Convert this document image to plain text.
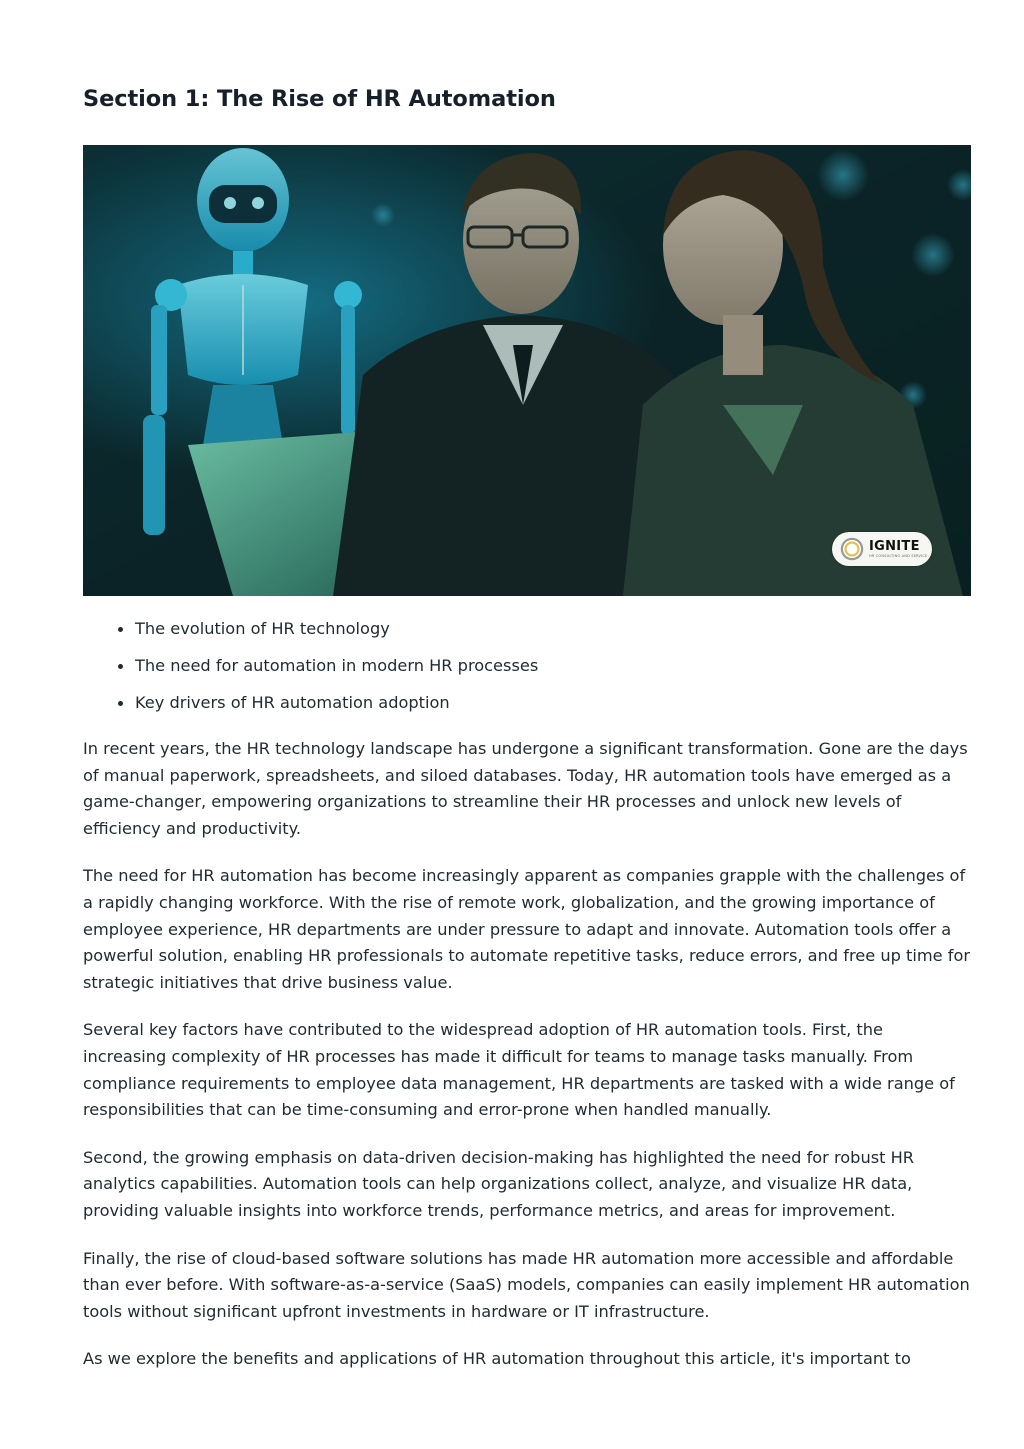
Section 1: The Rise of HR Automation
IGNITE
HR CONSULTING AND SERVICE
The evolution of HR technology
The need for automation in modern HR processes
Key drivers of HR automation adoption

In recent years, the HR technology landscape has undergone a significant transformation. Gone are the days of manual paperwork, spreadsheets, and siloed databases. Today, HR automation tools have emerged as a game-changer, empowering organizations to streamline their HR processes and unlock new levels of efficiency and productivity.

The need for HR automation has become increasingly apparent as companies grapple with the challenges of a rapidly changing workforce. With the rise of remote work, globalization, and the growing importance of employee experience, HR departments are under pressure to adapt and innovate. Automation tools offer a powerful solution, enabling HR professionals to automate repetitive tasks, reduce errors, and free up time for strategic initiatives that drive business value.

Several key factors have contributed to the widespread adoption of HR automation tools. First, the increasing complexity of HR processes has made it difficult for teams to manage tasks manually. From compliance requirements to employee data management, HR departments are tasked with a wide range of responsibilities that can be time-consuming and error-prone when handled manually.

Second, the growing emphasis on data-driven decision-making has highlighted the need for robust HR analytics capabilities. Automation tools can help organizations collect, analyze, and visualize HR data, providing valuable insights into workforce trends, performance metrics, and areas for improvement.

Finally, the rise of cloud-based software solutions has made HR automation more accessible and affordable than ever before. With software-as-a-service (SaaS) models, companies can easily implement HR automation tools without significant upfront investments in hardware or IT infrastructure.

As we explore the benefits and applications of HR automation throughout this article, it's important to
